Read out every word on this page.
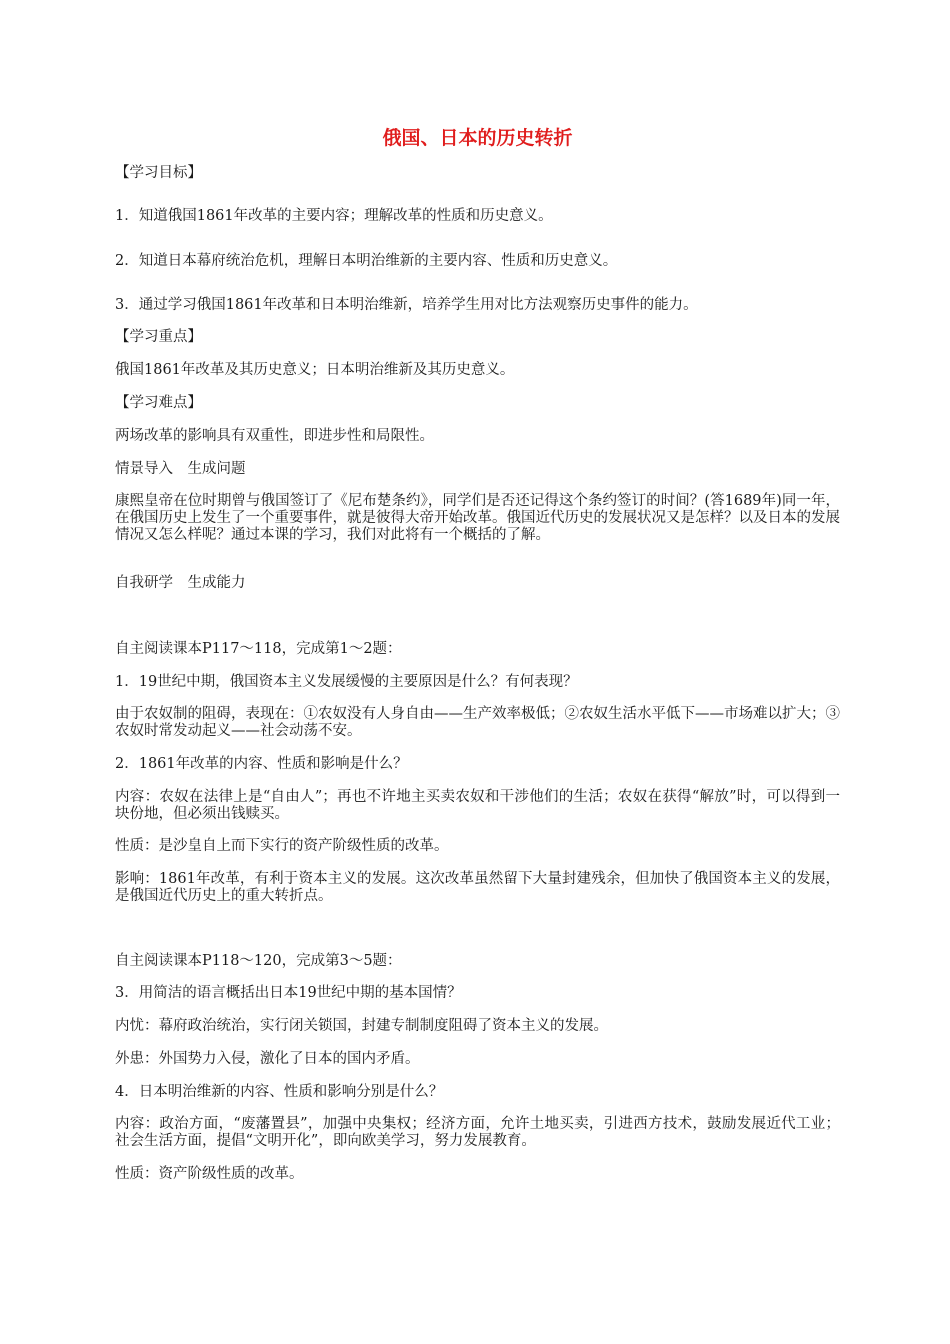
俄国、日本的历史转折
【学习目标】
1．知道俄国1861年改革的主要内容；理解改革的性质和历史意义。
2．知道日本幕府统治危机，理解日本明治维新的主要内容、性质和历史意义。
3．通过学习俄国1861年改革和日本明治维新，培养学生用对比方法观察历史事件的能力。
【学习重点】
俄国1861年改革及其历史意义；日本明治维新及其历史意义。
【学习难点】
两场改革的影响具有双重性，即进步性和局限性。
情景导入　生成问题
康熙皇帝在位时期曾与俄国签订了《尼布楚条约》，同学们是否还记得这个条约签订的时间？(答1689年)同一年，在俄国历史上发生了一个重要事件，就是彼得大帝开始改革。俄国近代历史的发展状况又是怎样？以及日本的发展情况又怎么样呢？通过本课的学习，我们对此将有一个概括的了解。
自我研学　生成能力
自主阅读课本P117～118，完成第1～2题：
1．19世纪中期，俄国资本主义发展缓慢的主要原因是什么？有何表现？
由于农奴制的阻碍，表现在：①农奴没有人身自由——生产效率极低；②农奴生活水平低下——市场难以扩大；③农奴时常发动起义——社会动荡不安。
2．1861年改革的内容、性质和影响是什么？
内容：农奴在法律上是“自由人”；再也不许地主买卖农奴和干涉他们的生活；农奴在获得“解放”时，可以得到一块份地，但必须出钱赎买。
性质：是沙皇自上而下实行的资产阶级性质的改革。
影响：1861年改革，有利于资本主义的发展。这次改革虽然留下大量封建残余，但加快了俄国资本主义的发展，是俄国近代历史上的重大转折点。
自主阅读课本P118～120，完成第3～5题：
3．用简洁的语言概括出日本19世纪中期的基本国情？
内忧：幕府政治统治，实行闭关锁国，封建专制制度阻碍了资本主义的发展。
外患：外国势力入侵，激化了日本的国内矛盾。
4．日本明治维新的内容、性质和影响分别是什么？
内容：政治方面，“废藩置县”，加强中央集权；经济方面，允许土地买卖，引进西方技术，鼓励发展近代工业；社会生活方面，提倡“文明开化”，即向欧美学习，努力发展教育。
性质：资产阶级性质的改革。
